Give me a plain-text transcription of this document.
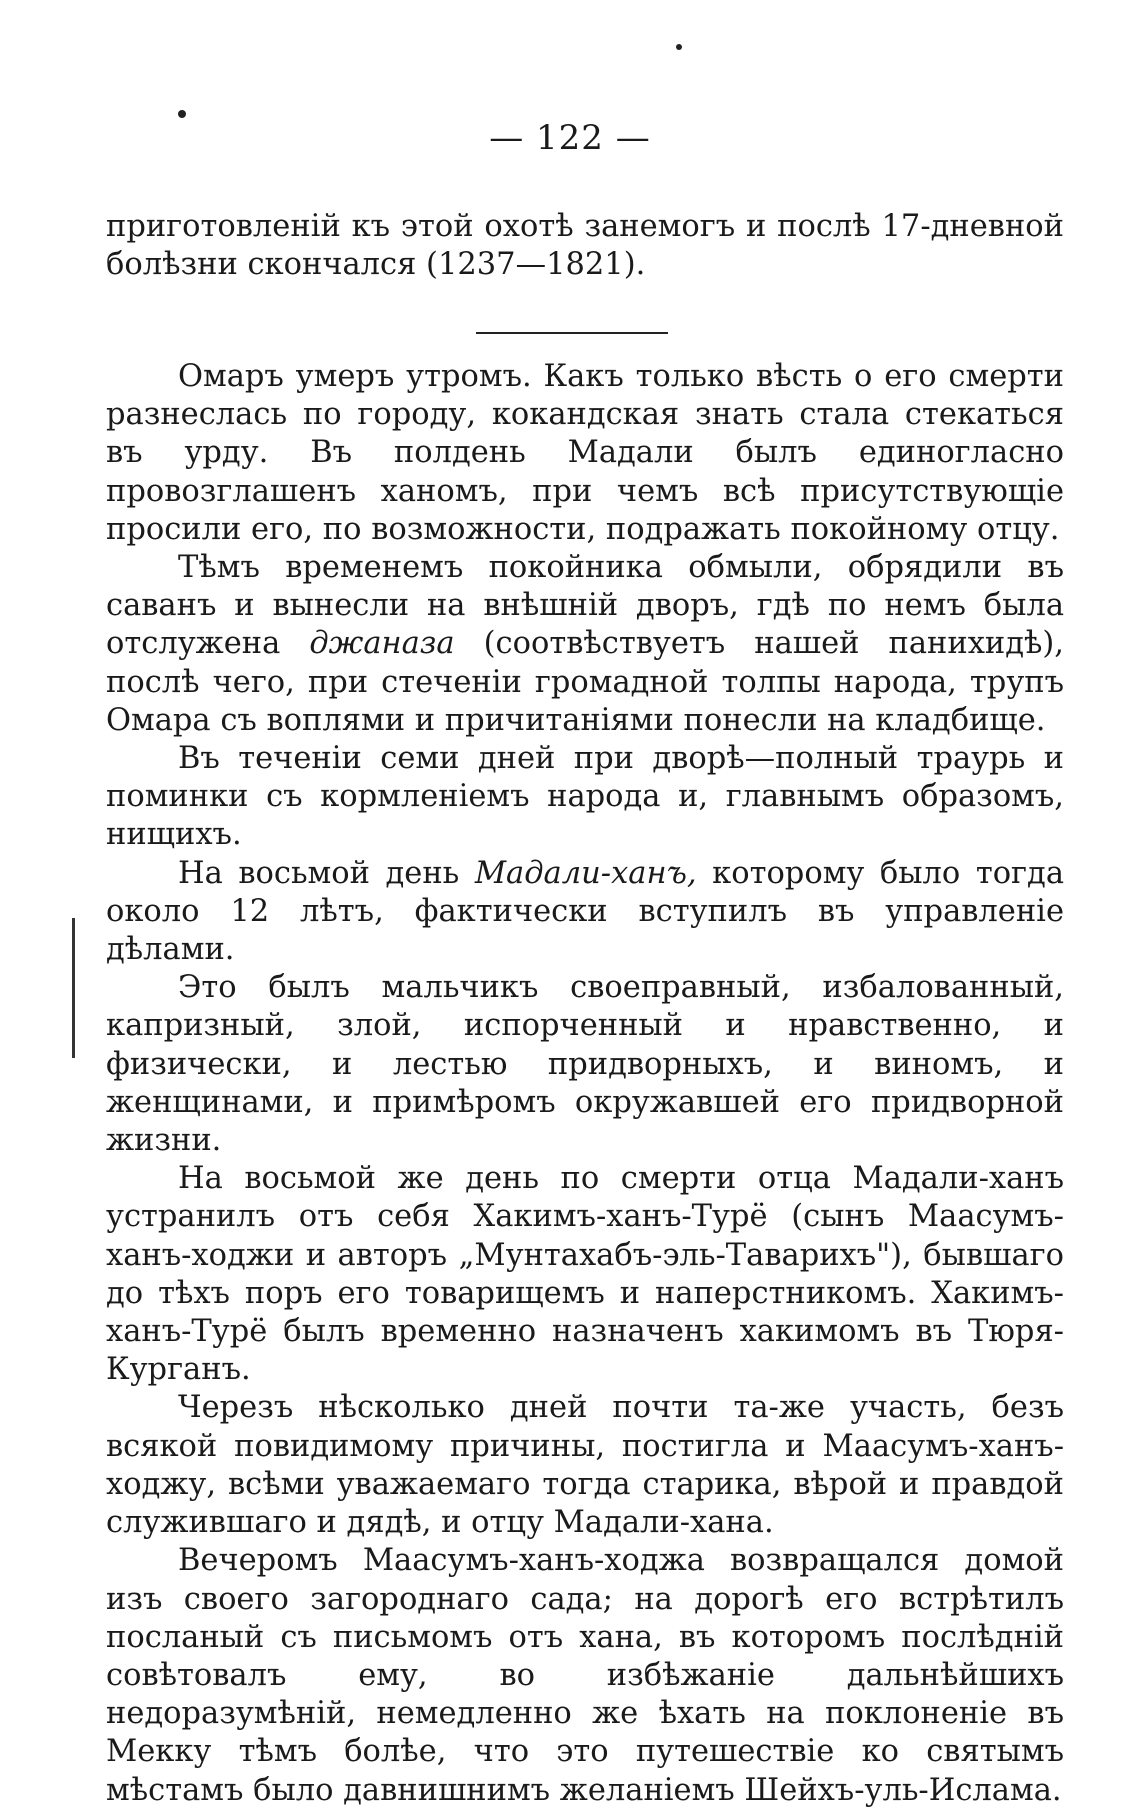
— 122 —

приготовленій къ этой охотѣ занемогъ и послѣ 17-дневной болѣзни скончался (1237—1821).

Омаръ умеръ утромъ. Какъ только вѣсть о его смерти разнеслась по городу, кокандская знать стала стекаться въ урду. Въ полдень Мадали былъ единогласно провозглашенъ ханомъ, при чемъ всѣ присутствующіе просили его, по возможности, подражать покойному отцу.

Тѣмъ временемъ покойника обмыли, обрядили въ саванъ и вынесли на внѣшній дворъ, гдѣ по немъ была отслужена джаназа (соотвѣствуетъ нашей панихидѣ), послѣ чего, при стеченіи громадной толпы народа, трупъ Омара съ воплями и причитаніями понесли на кладбище.

Въ теченіи семи дней при дворѣ—полный траурь и поминки съ кормленіемъ народа и, главнымъ образомъ, нищихъ.

На восьмой день Мадали-ханъ, которому было тогда около 12 лѣтъ, фактически вступилъ въ управленіе дѣлами.

Это былъ мальчикъ своеправный, избалованный, капризный, злой, испорченный и нравственно, и физически, и лестью придворныхъ, и виномъ, и женщинами, и примѣромъ окружавшей его придворной жизни.

На восьмой же день по смерти отца Мадали-ханъ устранилъ отъ себя Хакимъ-ханъ-Турё (сынъ Маасумъ-ханъ-ходжи и авторъ „Мунтахабъ-эль-Таварихъ"), бывшаго до тѣхъ поръ его товарищемъ и наперстникомъ. Хакимъ-ханъ-Турё былъ временно назначенъ хакимомъ въ Тюря-Курганъ.

Черезъ нѣсколько дней почти та-же участь, безъ всякой повидимому причины, постигла и Маасумъ-ханъ-ходжу, всѣми уважаемаго тогда старика, вѣрой и правдой служившаго и дядѣ, и отцу Мадали-хана.

Вечеромъ Маасумъ-ханъ-ходжа возвращался домой изъ своего загороднаго сада; на дорогѣ его встрѣтилъ посланый съ письмомъ отъ хана, въ которомъ послѣдній совѣтовалъ ему, во избѣжаніе дальнѣйшихъ недоразумѣній, немедленно же ѣхать на поклоненіе въ Мекку тѣмъ болѣе, что это путешествіе ко святымъ мѣстамъ было давнишнимъ желаніемъ Шейхъ-уль-Ислама.
